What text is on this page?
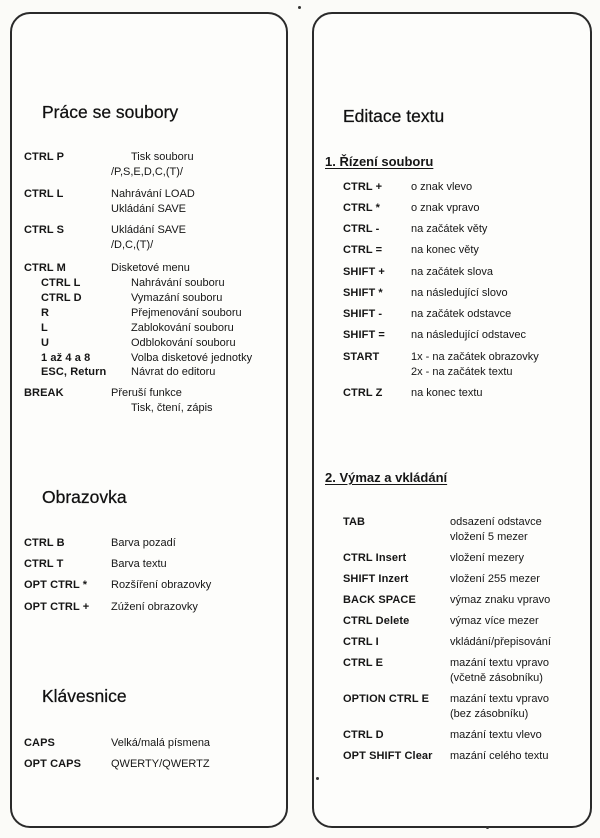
Práce se soubory
CTRL P	Tisk souboru
/P,S,E,D,C,(T)/
CTRL L	Nahrávání LOAD
Ukládání SAVE
CTRL S	Ukládání SAVE
/D,C,(T)/
CTRL M	Disketové menu
CTRL L	Nahrávání souboru
CTRL D	Vymazání souboru
R	Přejmenování souboru
L	Zablokování souboru
U	Odblokování souboru
1 až 4 a 8	Volba disketové jednotky
ESC, Return Návrat do editoru
BREAK	Přeruší funkce
Tisk, čtení, zápis
Obrazovka
CTRL B	Barva pozadí
CTRL T	Barva textu
OPT CTRL * Rozšíření obrazovky
OPT CTRL + Zúžení obrazovky
Klávesnice
CAPS	Velká/malá písmena
OPT CAPS	QWERTY/QWERTZ
Editace textu
1. Řízení souboru
CTRL +	o znak vlevo
CTRL *	o znak vpravo
CTRL -	na začátek věty
CTRL =	na konec věty
SHIFT + na začátek slova
SHIFT *	na následující slovo
SHIFT -	na začátek odstavce
SHIFT = na následující odstavec
START	1x - na začátek obrazovky
2x - na začátek textu
CTRL Z	na konec textu
2. Výmaz a vkládání
TAB	odsazení odstavce
vložení 5 mezer
CTRL Insert	vložení mezery
SHIFT Inzert	vložení 255 mezer
BACK SPACE	výmaz znaku vpravo
CTRL Delete	výmaz více mezer
CTRL I	vkládání/přepisování
CTRL E	mazání textu vpravo
(včetně zásobníku)
OPTION CTRL E mazání textu vpravo
(bez zásobníku)
CTRL D	mazání textu vlevo
OPT SHIFT Clear mazání celého textu
